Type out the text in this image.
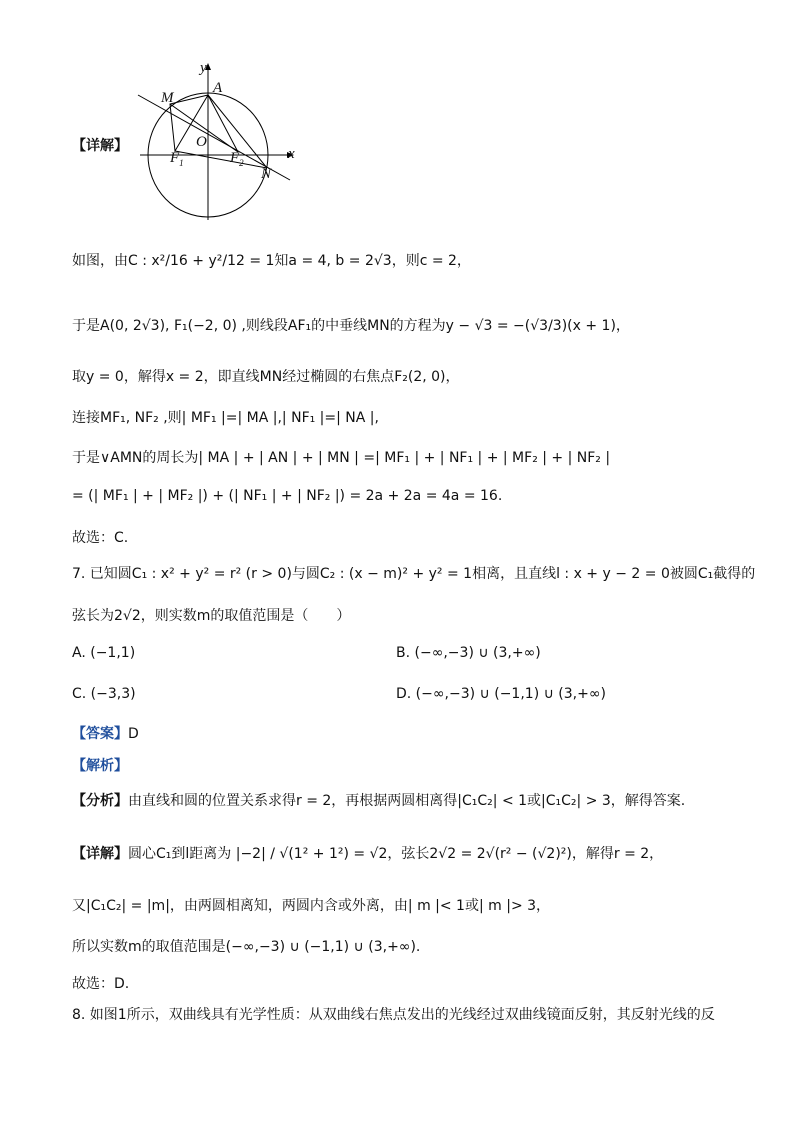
y
A
M
O
$F_1$	$F_2$
x
N
【详解】
如图，由C : x²/16 + y²/12 = 1知a = 4, b = 2√3，则c = 2，
于是A(0, 2√3), F₁(−2, 0) ,则线段AF₁的中垂线MN的方程为y − √3 = −(√3/3)(x + 1)，
取y = 0，解得x = 2，即直线MN经过椭圆的右焦点F₂(2, 0)，
连接MF₁, NF₂ ,则| MF₁ |=| MA |,| NF₁ |=| NA |,
于是∨AMN的周长为| MA | + | AN | + | MN | =| MF₁ | + | NF₁ | + | MF₂ | + | NF₂ |
= (| MF₁ | + | MF₂ |) + (| NF₁ | + | NF₂ |) = 2a + 2a = 4a = 16.
故选：C.
7. 已知圆C₁ : x² + y² = r² (r > 0)与圆C₂ : (x − m)² + y² = 1相离，且直线l : x + y − 2 = 0被圆C₁截得的
弦长为2√2，则实数m的取值范围是（　　）
A. (−1,1)	B. (−∞,−3) ∪ (3,+∞)
C. (−3,3)	D. (−∞,−3) ∪ (−1,1) ∪ (3,+∞)
【答案】D
【解析】
【分析】由直线和圆的位置关系求得r = 2，再根据两圆相离得|C₁C₂| < 1或|C₁C₂| > 3，解得答案.
【详解】圆心C₁到l距离为 |−2| / √(1² + 1²) = √2，弦长2√2 = 2√(r² − (√2)²)，解得r = 2，
又|C₁C₂| = |m|，由两圆相离知，两圆内含或外离，由| m |< 1或| m |> 3，
所以实数m的取值范围是(−∞,−3) ∪ (−1,1) ∪ (3,+∞).
故选：D.
8. 如图1所示，双曲线具有光学性质：从双曲线右焦点发出的光线经过双曲线镜面反射，其反射光线的反
